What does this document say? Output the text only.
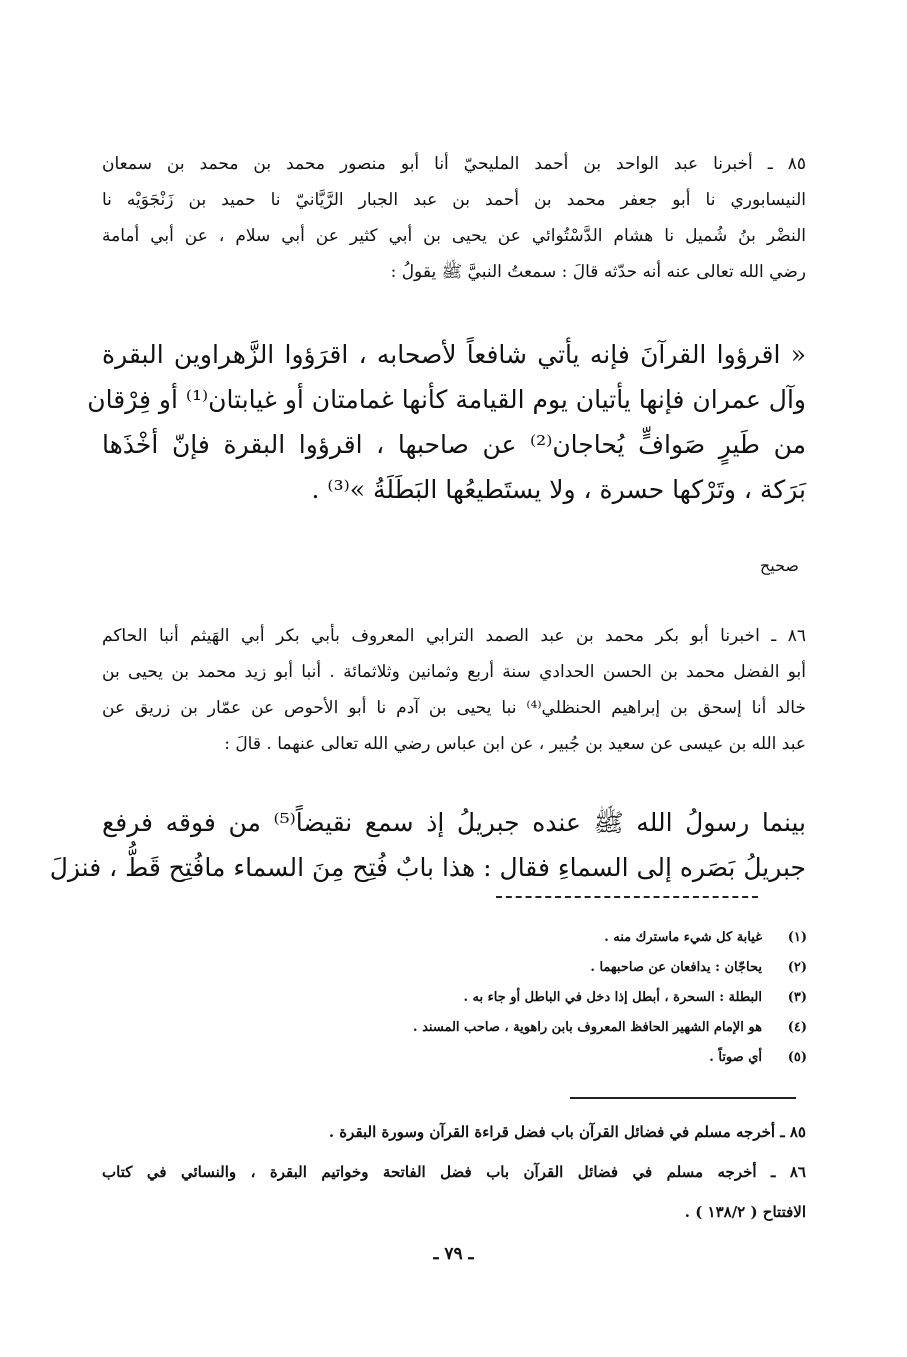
٨٥ ـ أخبرنا عبد الواحد بن أحمد المليحيّ أنا أبو منصور محمد بن محمد بن سمعان
النيسابوري نا أبو جعفر محمد بن أحمد بن عبد الجبار الرَّيَّانيّ نا حميد بن زَنْجَوَيْه نا
النضْر بنُ شُميل نا هشام الدَّسْتُوائي عن يحيى بن أبي كثير عن أبي سلام ، عن أبي أمامة
رضي الله تعالى عنه أنه حدّثه قالَ : سمعتُ النبيَّ ﷺ يقولُ :
« اقرؤوا القرآنَ فإنه يأتي شافعاً لأصحابه ، اقرَؤوا الزَّهراوين البقرة
وآل عمران فإنها يأتيان يوم القيامة كأنها غمامتان أو غيابتان⁽¹⁾ أو فِرْقان
من طَيرٍ صَوافٍّ يُحاجان⁽²⁾ عن صاحبها ، اقرؤوا البقرة فإنّ أخْذَها
بَرَكة ، وتَرْكها حسرة ، ولا يستَطيعُها البَطَلَةُ »⁽³⁾ .
صحيح
٨٦ ـ اخبرنا أبو بكر محمد بن عبد الصمد الترابي المعروف بأبي بكر أبي الهَيثم أنبا الحاكم
أبو الفضل محمد بن الحسن الحدادي سنة أربع وثمانين وثلاثمائة . أنبا أبو زيد محمد بن يحيى بن
خالد أنا إسحق بن إبراهيم الحنظلي⁽⁴⁾ نبا يحيى بن آدم نا أبو الأحوص عن عمّار بن زريق عن
عبد الله بن عيسى عن سعيد بن جُبير ، عن ابن عباس رضي الله تعالى عنهما . قالَ :
بينما رسولُ الله ﷺ عنده جبريلُ إذ سمع نقيضاً⁽⁵⁾ من فوقه فرفع
جبريلُ بَصَره إلى السماءِ فقال : هذا بابٌ فُتِح مِنَ السماء مافُتِح قَطُّ ، فنزلَ
(١)
غيابة كل شيء ماسترك منه .
(٢)
يحاجّان : يدافعان عن صاحبهما .
(٣)
البطلة : السحرة ، أبطل إذا دخل في الباطل أو جاء به .
(٤)
هو الإمام الشهير الحافظ المعروف بابن راهوية ، صاحب المسند .
(٥)
أي صوتاً .
٨٥ ـ أخرجه مسلم في فضائل القرآن باب فضل قراءة القرآن وسورة البقرة .
٨٦ ـ أخرجه مسلم في فضائل القرآن باب فضل الفاتحة وخواتيم البقرة ، والنسائي في كتاب
الافتتاح ( ١٣٨/٢ ) .
ـ ٧٩ ـ
